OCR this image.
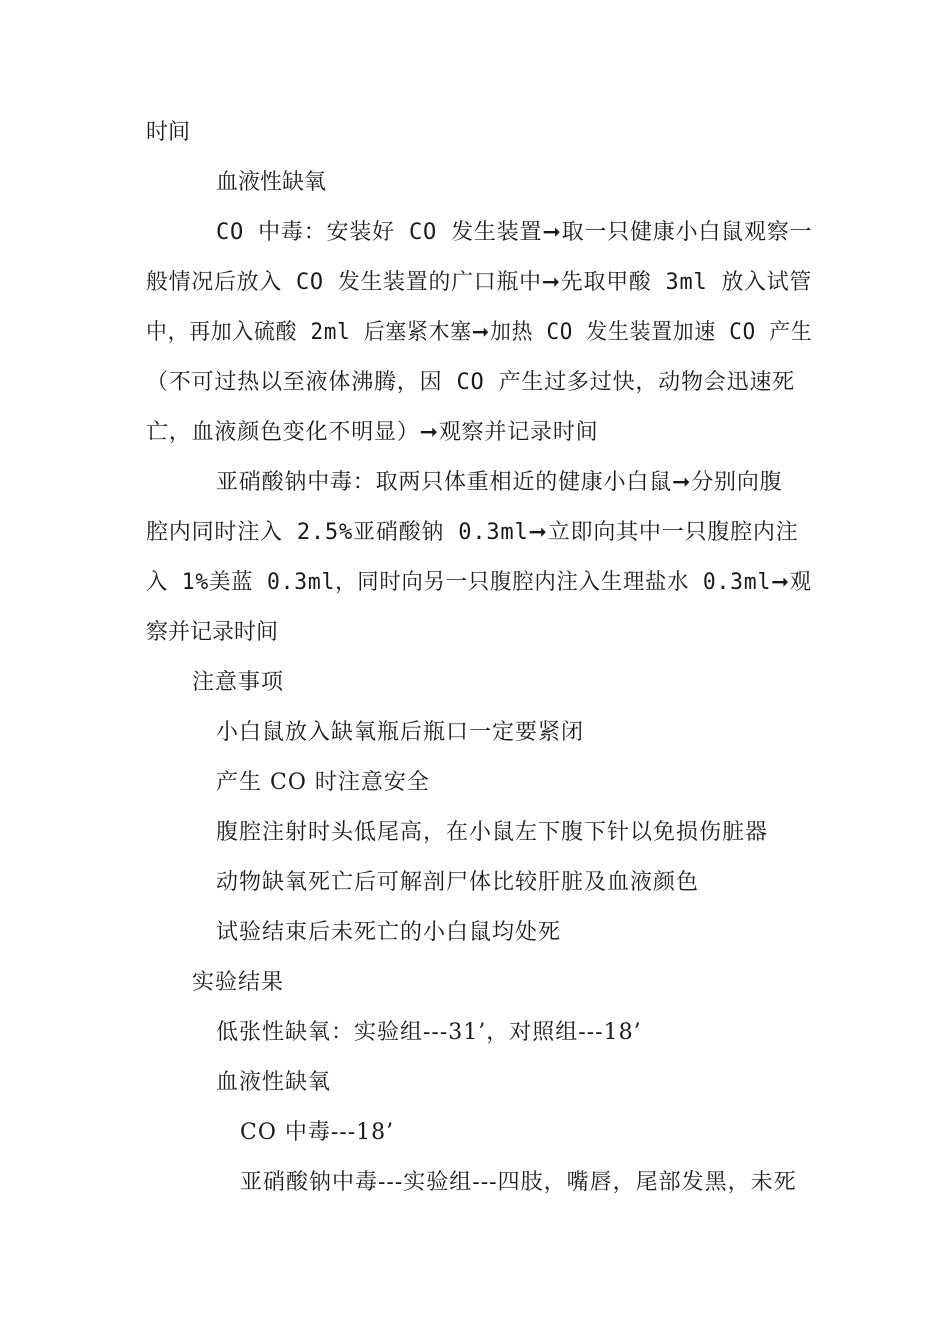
时间
血液性缺氧
CO 中毒：安装好 CO 发生装置➞取一只健康小白鼠观察一
般情况后放入 CO 发生装置的广口瓶中➞先取甲酸 3ml 放入试管
中，再加入硫酸 2ml 后塞紧木塞➞加热 CO 发生装置加速 CO 产生
（不可过热以至液体沸腾，因 CO 产生过多过快，动物会迅速死
亡，血液颜色变化不明显）➞观察并记录时间
亚硝酸钠中毒：取两只体重相近的健康小白鼠➞分别向腹
腔内同时注入 2.5%亚硝酸钠 0.3ml➞立即向其中一只腹腔内注
入 1%美蓝 0.3ml，同时向另一只腹腔内注入生理盐水 0.3ml➞观
察并记录时间
注意事项
小白鼠放入缺氧瓶后瓶口一定要紧闭
产生 CO 时注意安全
腹腔注射时头低尾高，在小鼠左下腹下针以免损伤脏器
动物缺氧死亡后可解剖尸体比较肝脏及血液颜色
试验结束后未死亡的小白鼠均处死
实验结果
低张性缺氧：实验组---31’，对照组---18’
血液性缺氧
CO 中毒---18’
亚硝酸钠中毒---实验组---四肢，嘴唇，尾部发黑，未死
